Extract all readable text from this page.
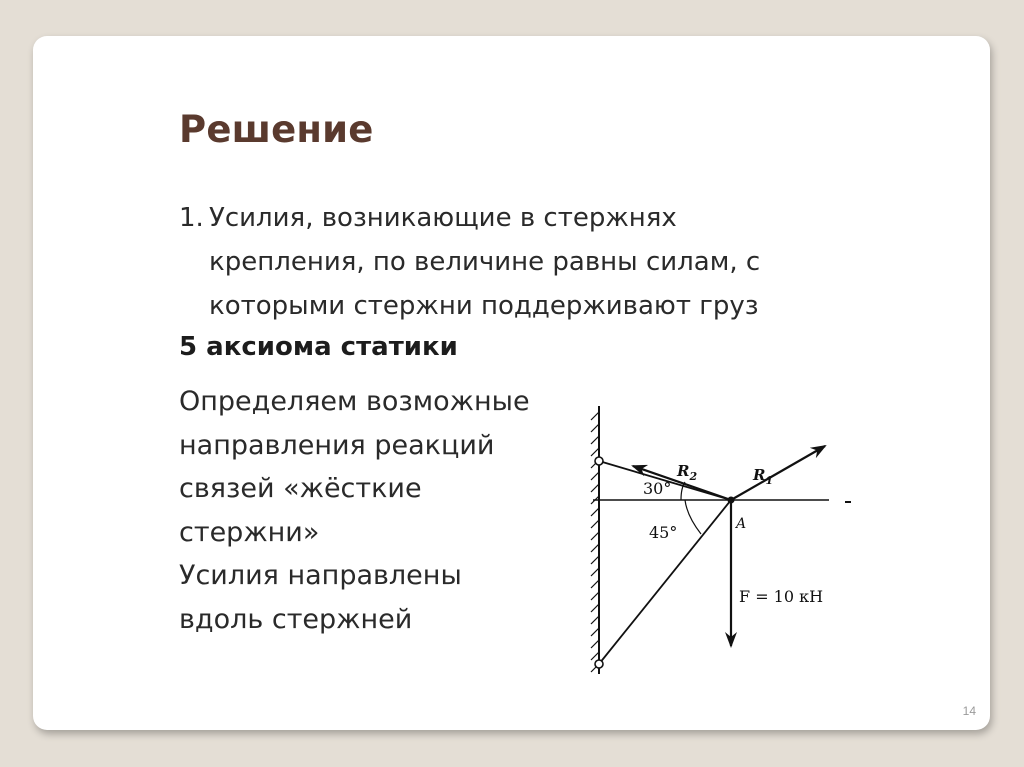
Решение
1. Усилия, возникающие в стержнях
крепления, по величине равны силам, с
которыми стержни поддерживают груз
5 аксиома статики
Определяем возможные
направления реакций
связей «жёсткие
стержни»
Усилия направлены
вдоль стержней
$R_2$	$R_1$
30°
45°	A
F = 10 кН
14
